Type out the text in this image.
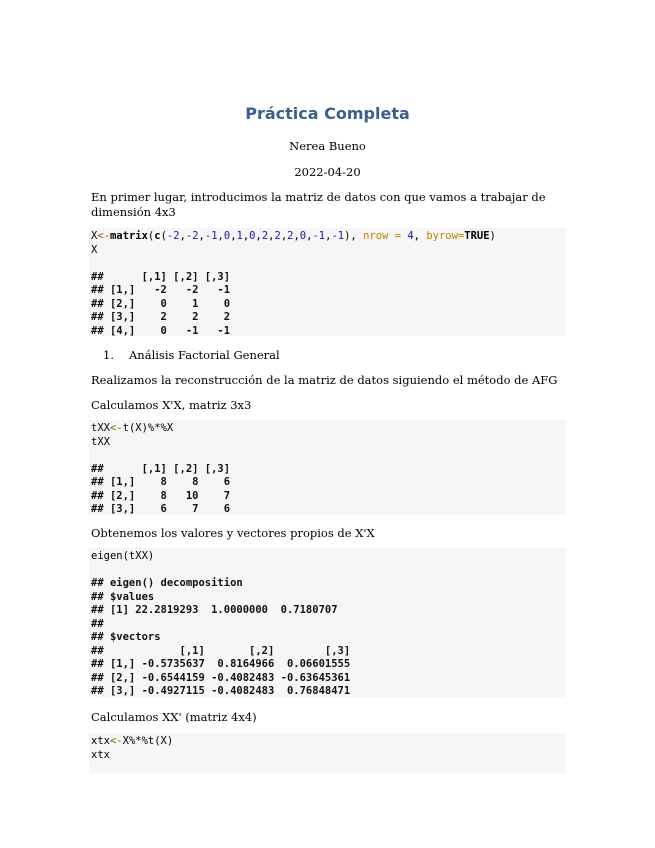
Práctica Completa
Nerea Bueno
2022-04-20
En primer lugar, introducimos la matriz de datos con que vamos a trabajar de dimensión 4x3
X<-matrix(c(-2,-2,-1,0,1,0,2,2,2,0,-1,-1), nrow = 4, byrow=TRUE)
X

##      [,1] [,2] [,3]
## [1,]   -2   -2   -1
## [2,]    0    1    0
## [3,]    2    2    2
## [4,]    0   -1   -1
1. Análisis Factorial General
Realizamos la reconstrucción de la matriz de datos siguiendo el método de AFG
Calculamos X'X, matriz 3x3
tXX<-t(X)%*%X
tXX

##      [,1] [,2] [,3]
## [1,]    8    8    6
## [2,]    8   10    7
## [3,]    6    7    6
Obtenemos los valores y vectores propios de X'X
eigen(tXX)

## eigen() decomposition
## $values
## [1] 22.2819293  1.0000000  0.7180707
##
## $vectors
##            [,1]       [,2]        [,3]
## [1,] -0.5735637  0.8164966  0.06601555
## [2,] -0.6544159 -0.4082483 -0.63645361
## [3,] -0.4927115 -0.4082483  0.76848471
Calculamos XX' (matriz 4x4)
xtx<-X%*%t(X)
xtx
